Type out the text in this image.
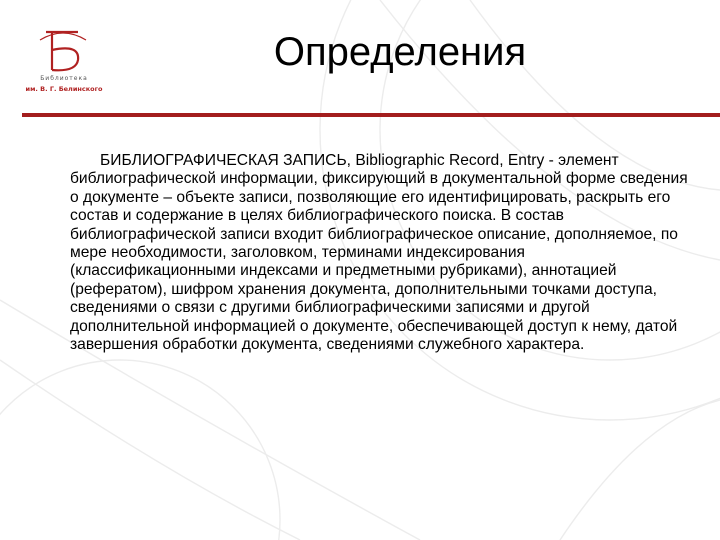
Библиотека
им. В. Г. Белинского
Определения

БИБЛИОГРАФИЧЕСКАЯ ЗАПИСЬ, Bibliographic Record, Entry - элемент библиографической информации, фиксирующий в документальной форме сведения о документе – объекте записи, позволяющие его идентифицировать, раскрыть его состав и содержание в целях библиографического поиска. В состав библиографической записи входит библиографическое описание, дополняемое, по мере необходимости, заголовком, терминами индексирования (классификационными индексами и предметными рубриками), аннотацией (рефератом), шифром хранения документа, дополнительными точками доступа, сведениями о связи с другими библиографическими записями и другой дополнительной информацией о документе, обеспечивающей доступ к нему, датой завершения обработки документа, сведениями служебного характера.
